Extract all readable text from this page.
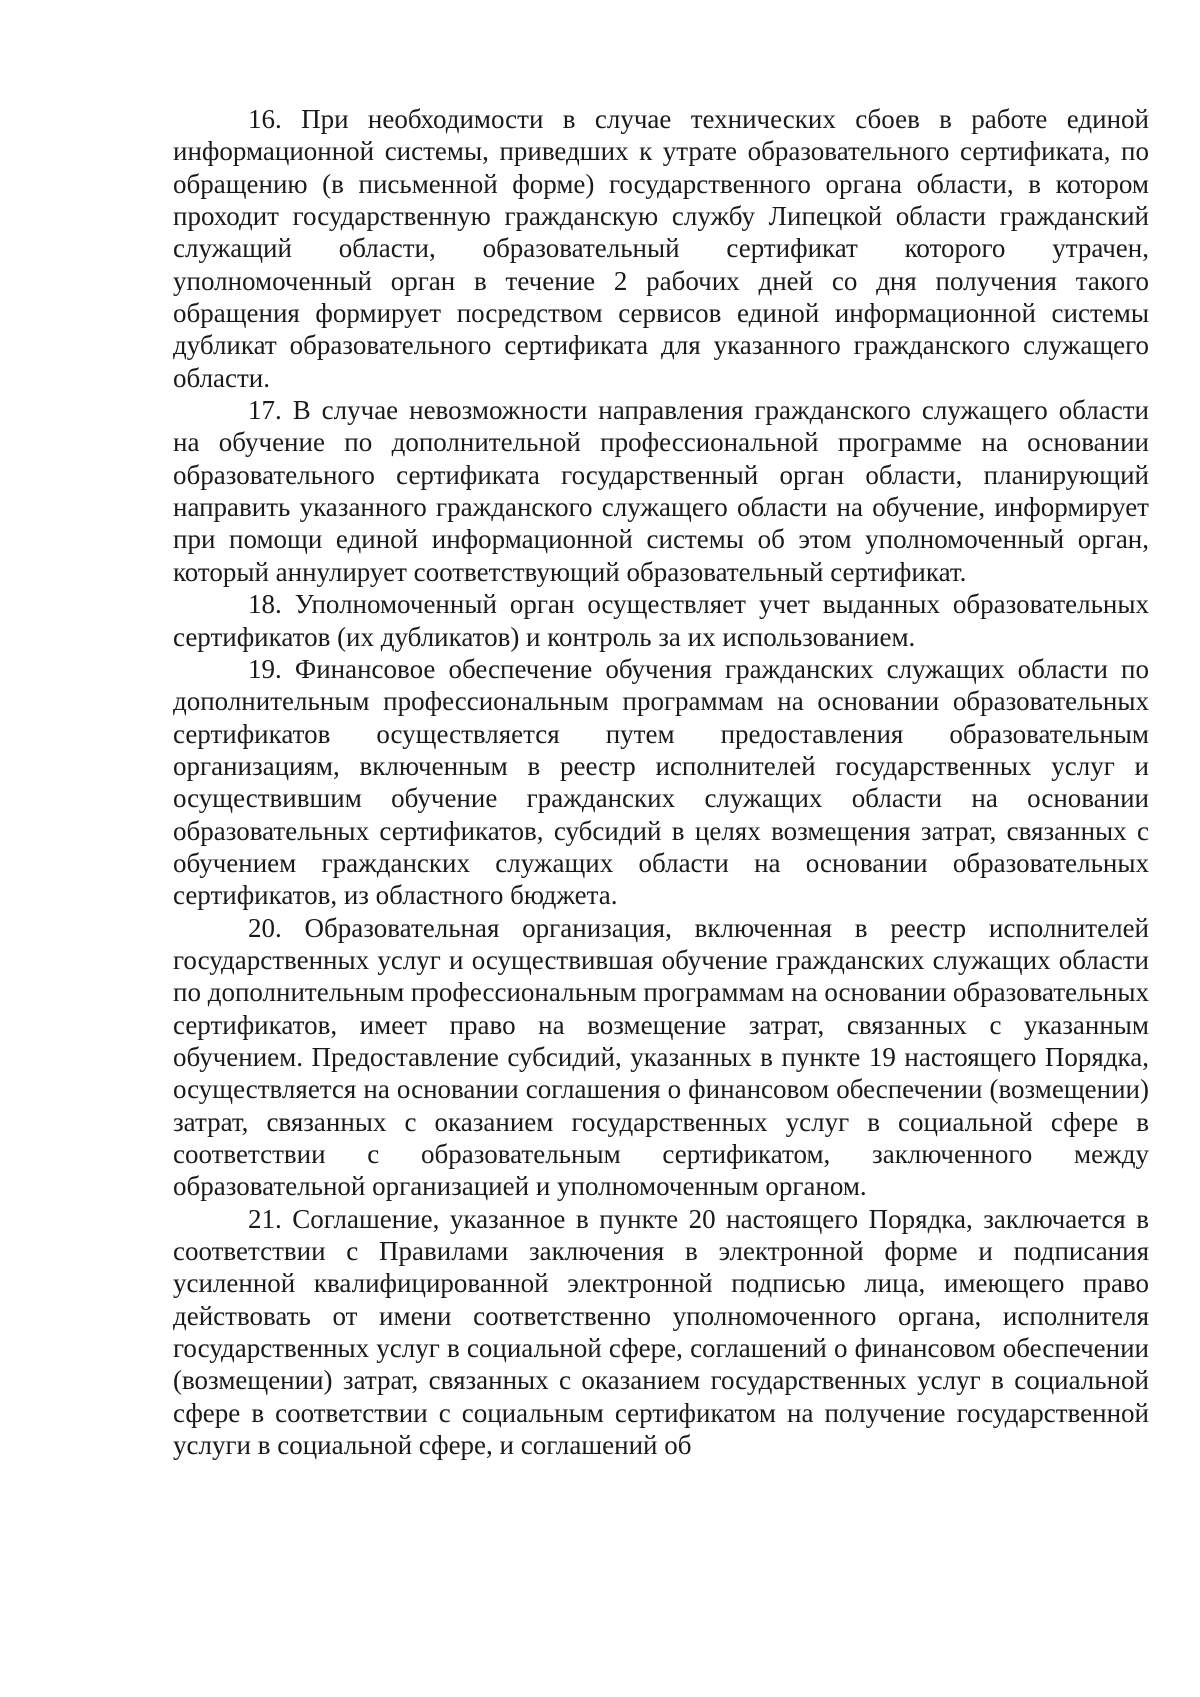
16. При необходимости в случае технических сбоев в работе единой информационной системы, приведших к утрате образовательного сертификата, по обращению (в письменной форме) государственного органа области, в котором проходит государственную гражданскую службу Липецкой области гражданский служащий области, образовательный сертификат которого утрачен, уполномоченный орган в течение 2 рабочих дней со дня получения такого обращения формирует посредством сервисов единой информационной системы дубликат образовательного сертификата для указанного гражданского служащего области.

17. В случае невозможности направления гражданского служащего области на обучение по дополнительной профессиональной программе на основании образовательного сертификата государственный орган области, планирующий направить указанного гражданского служащего области на обучение, информирует при помощи единой информационной системы об этом уполномоченный орган, который аннулирует соответствующий образовательный сертификат.

18. Уполномоченный орган осуществляет учет выданных образовательных сертификатов (их дубликатов) и контроль за их использованием.

19. Финансовое обеспечение обучения гражданских служащих области по дополнительным профессиональным программам на основании образовательных сертификатов осуществляется путем предоставления образовательным организациям, включенным в реестр исполнителей государственных услуг и осуществившим обучение гражданских служащих области на основании образовательных сертификатов, субсидий в целях возмещения затрат, связанных с обучением гражданских служащих области на основании образовательных сертификатов, из областного бюджета.

20. Образовательная организация, включенная в реестр исполнителей государственных услуг и осуществившая обучение гражданских служащих области по дополнительным профессиональным программам на основании образовательных сертификатов, имеет право на возмещение затрат, связанных с указанным обучением. Предоставление субсидий, указанных в пункте 19 настоящего Порядка, осуществляется на основании соглашения о финансовом обеспечении (возмещении) затрат, связанных с оказанием государственных услуг в социальной сфере в соответствии с образовательным сертификатом, заключенного между образовательной организацией и уполномоченным органом.

21. Соглашение, указанное в пункте 20 настоящего Порядка, заключается в соответствии с Правилами заключения в электронной форме и подписания усиленной квалифицированной электронной подписью лица, имеющего право действовать от имени соответственно уполномоченного органа, исполнителя государственных услуг в социальной сфере, соглашений о финансовом обеспечении (возмещении) затрат, связанных с оказанием государственных услуг в социальной сфере в соответствии с социальным сертификатом на получение государственной услуги в социальной сфере, и соглашений об
